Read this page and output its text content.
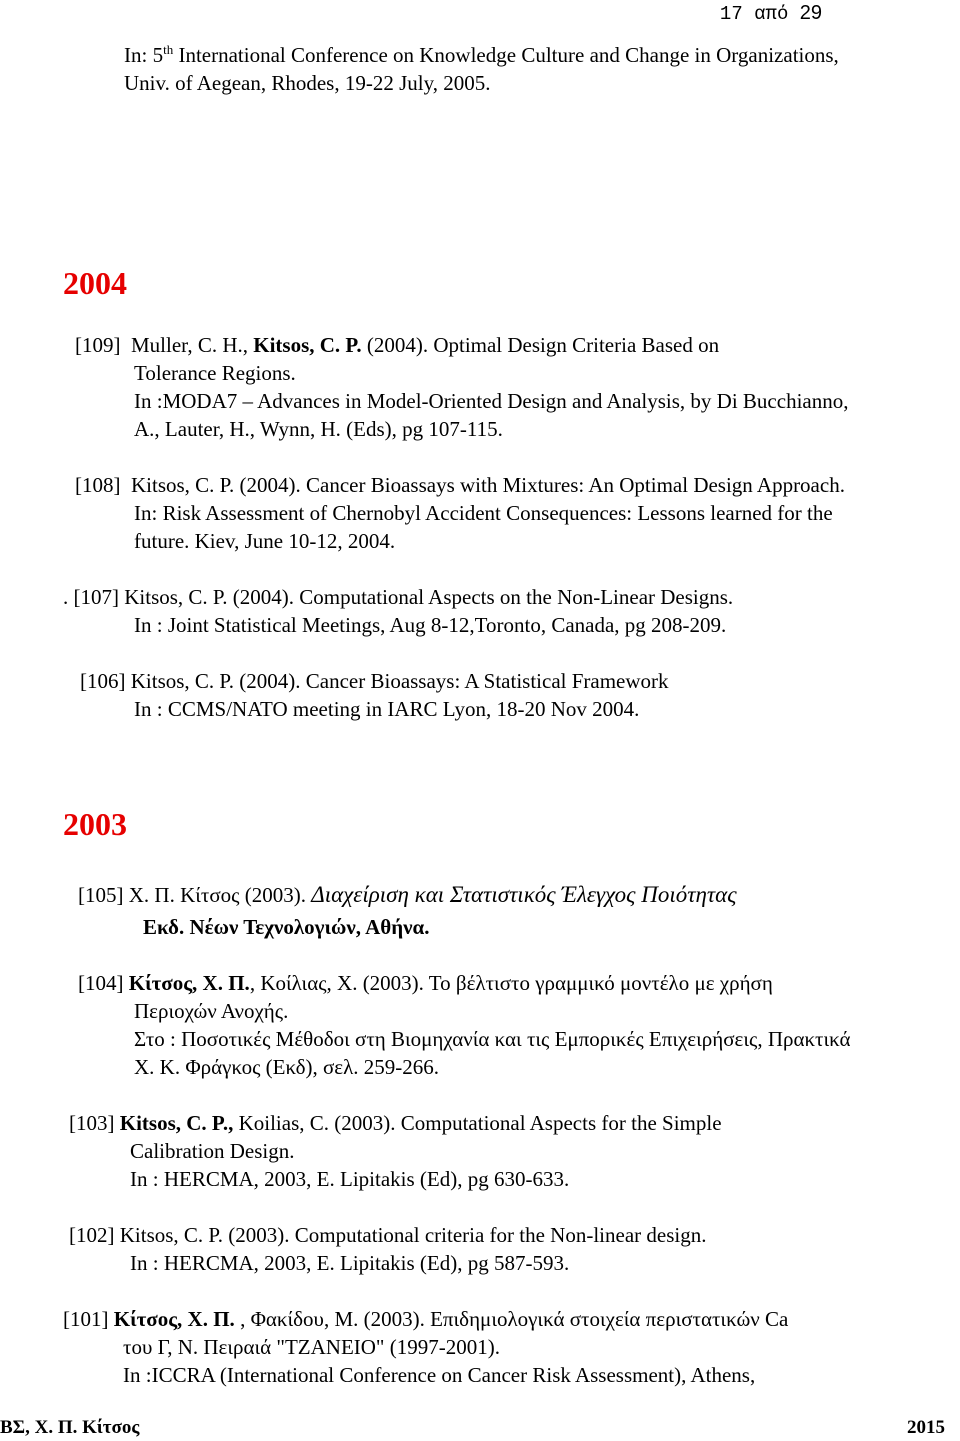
17 από 29
In: 5th International Conference on Knowledge Culture and Change in Organizations,
Univ. of Aegean, Rhodes, 19-22 July, 2005.
2004
[109] Muller, C. H., Kitsos, C. P. (2004). Optimal Design Criteria Based on
Tolerance Regions.
In :MODA7 – Advances in Model-Oriented Design and Analysis, by Di Bucchianno,
A., Lauter, H., Wynn, H. (Eds), pg 107-115.
[108] Kitsos, C. P. (2004). Cancer Bioassays with Mixtures: An Optimal Design Approach.
In: Risk Assessment of Chernobyl Accident Consequences: Lessons learned for the
future. Kiev, June 10-12, 2004.
. [107] Kitsos, C. P. (2004). Computational Aspects on the Non-Linear Designs.
In : Joint Statistical Meetings, Aug 8-12,Toronto, Canada, pg 208-209.
[106] Kitsos, C. P. (2004). Cancer Bioassays: A Statistical Framework
In : CCMS/NATO meeting in IARC Lyon, 18-20 Nov 2004.
2003
[105] Χ. Π. Κίτσος (2003). Διαχείριση και Στατιστικός Έλεγχος Ποιότητας
Εκδ. Νέων Τεχνολογιών, Αθήνα.
[104] Κίτσος, Χ. Π., Κοίλιας, Χ. (2003). Το βέλτιστο γραμμικό μοντέλο με χρήση
Περιοχών Ανοχής.
Στο : Ποσοτικές Μέθοδοι στη Βιομηχανία και τις Εμπορικές Επιχειρήσεις, Πρακτικά
Χ. Κ. Φράγκος (Εκδ), σελ. 259-266.
[103] Kitsos, C. P., Koilias, C. (2003). Computational Aspects for the Simple
Calibration Design.
In : HERCMA, 2003, E. Lipitakis (Ed), pg 630-633.
[102] Kitsos, C. P. (2003). Computational criteria for the Non-linear design.
In : HERCMA, 2003, E. Lipitakis (Ed), pg 587-593.
[101] Κίτσος, Χ. Π. , Φακίδου, Μ. (2003). Επιδημιολογικά στοιχεία περιστατικών Ca
του Γ, Ν. Πειραιά "ΤΖΑΝΕΙΟ" (1997-2001).
In :ICCRA (International Conference on Cancer Risk Assessment), Athens,
ΒΣ, Χ. Π. Κίτσος	2015
